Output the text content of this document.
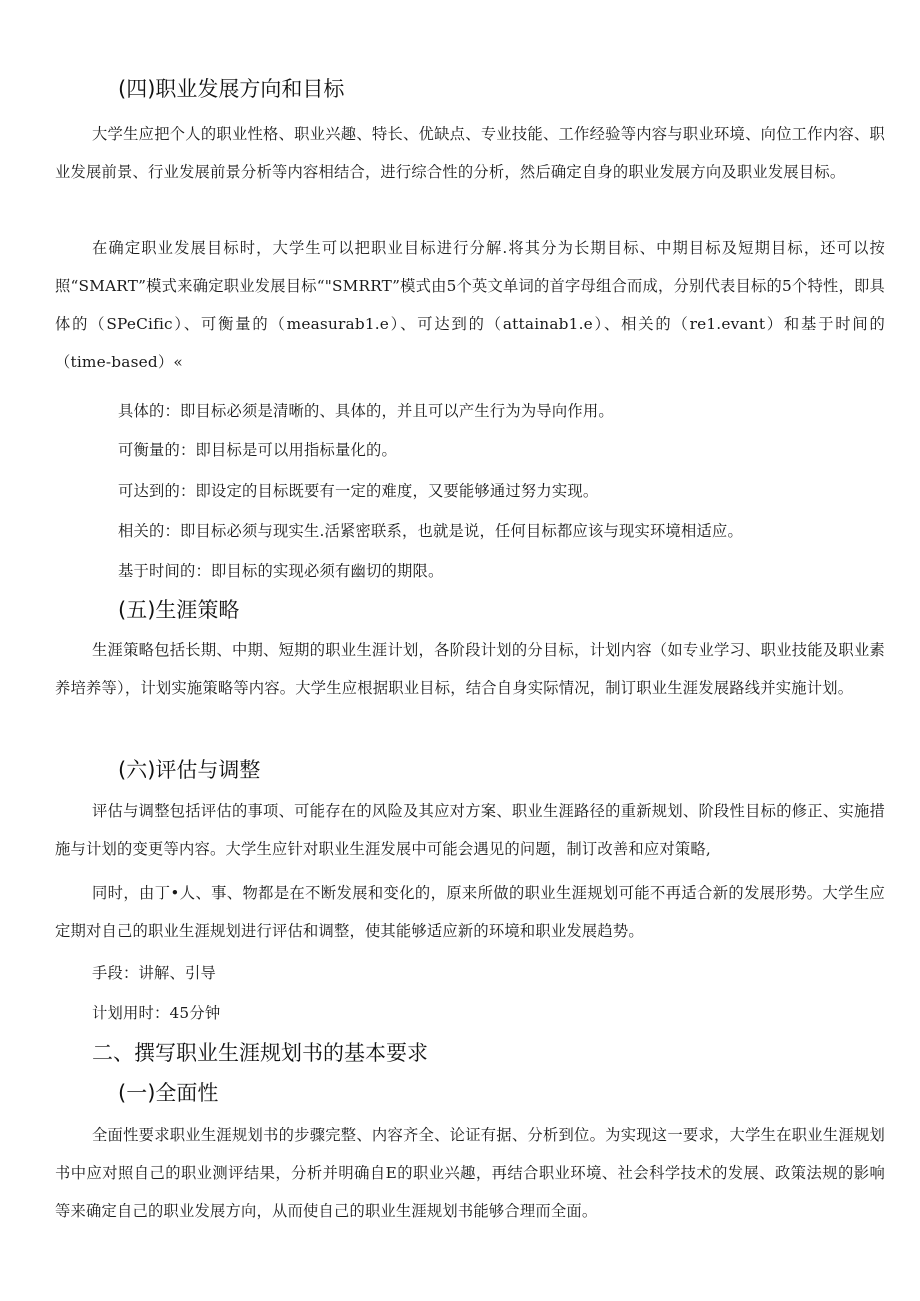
(四)职业发展方向和目标

大学生应把个人的职业性格、职业兴趣、特长、优缺点、专业技能、工作经验等内容与职业环境、向位工作内容、职业发展前景、行业发展前景分析等内容相结合，进行综合性的分析，然后确定自身的职业发展方向及职业发展目标。

在确定职业发展目标时，大学生可以把职业目标进行分解.将其分为长期目标、中期目标及短期目标，还可以按照“SMART”模式来确定职业发展目标“"SMRRT”模式由5个英文单词的首字母组合而成，分别代表目标的5个特性，即具体的（SPeCific）、可衡量的（measurab1.e）、可达到的（attainab1.e）、相关的（re1.evant）和基于时间的（time-based）«

具体的：即目标必须是清晰的、具体的，并且可以产生行为为导向作用。

可衡量的：即目标是可以用指标量化的。

可达到的：即设定的目标既要有一定的难度，又要能够通过努力实现。

相关的：即目标必须与现实生.活紧密联系，也就是说，任何目标都应该与现实环境相适应。

基于时间的：即目标的实现必须有幽切的期限。

(五)生涯策略

生涯策略包括长期、中期、短期的职业生涯计划，各阶段计划的分目标，计划内容（如专业学习、职业技能及职业素养培养等），计划实施策略等内容。大学生应根据职业目标，结合自身实际情况，制订职业生涯发展路线并实施计划。

(六)评估与调整

评估与调整包括评估的事项、可能存在的风险及其应对方案、职业生涯路径的重新规划、阶段性目标的修正、实施措施与计划的变更等内容。大学生应针对职业生涯发展中可能会遇见的问题，制订改善和应对策略,

同时，由丁•人、事、物都是在不断发展和变化的，原来所做的职业生涯规划可能不再适合新的发展形势。大学生应定期对自己的职业生涯规划进行评估和调整，使其能够适应新的环境和职业发展趋势。

手段：讲解、引导

计划用时：45分钟

二、撰写职业生涯规划书的基本要求
(一)全面性

全面性要求职业生涯规划书的步骤完整、内容齐全、论证有据、分析到位。为实现这一要求，大学生在职业生涯规划书中应对照自己的职业测评结果，分析并明确自E的职业兴趣，再结合职业环境、社会科学技术的发展、政策法规的影响等来确定自己的职业发展方向，从而使自己的职业生涯规划书能够合理而全面。
